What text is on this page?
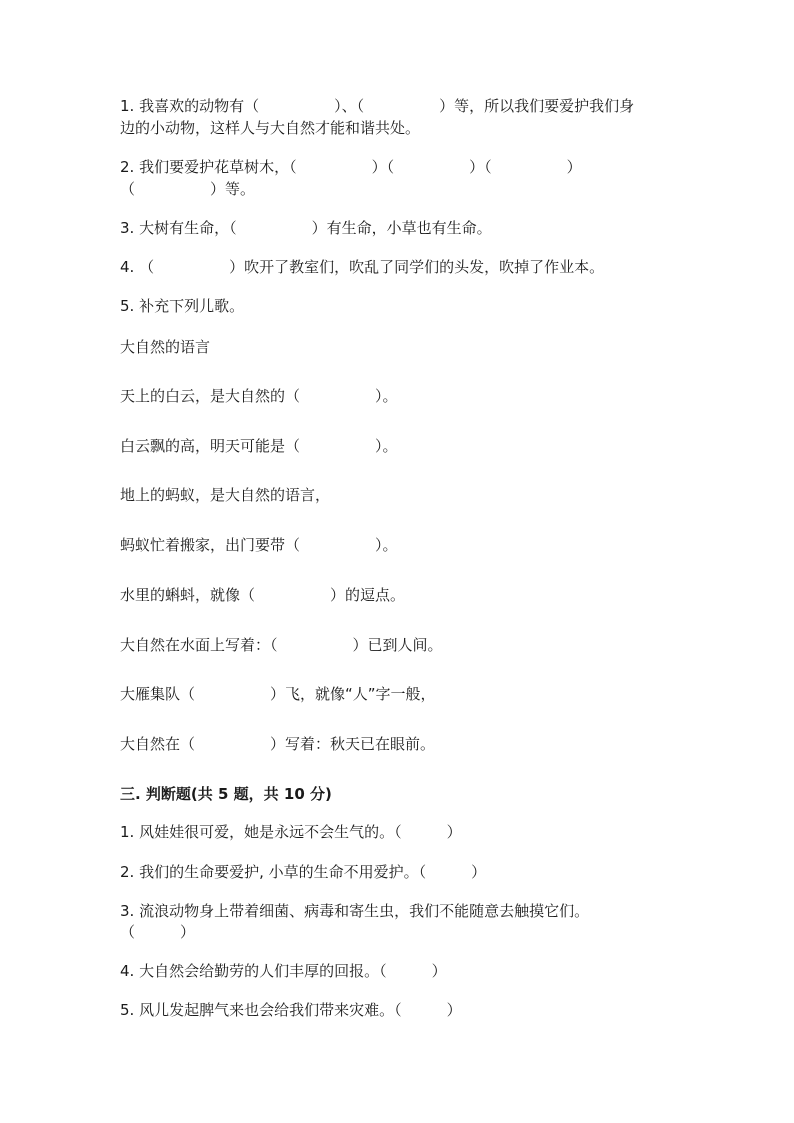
1. 我喜欢的动物有（　　　　　）、（　　　　　）等，所以我们要爱护我们身

边的小动物，这样人与大自然才能和谐共处。

2. 我们要爱护花草树木，（　　　　　）（　　　　　）（　　　　　）

（　　　　　）等。

3. 大树有生命，（　　　　　）有生命，小草也有生命。

4. （　　　　　）吹开了教室们，吹乱了同学们的头发，吹掉了作业本。

5. 补充下列儿歌。

大自然的语言

天上的白云，是大自然的（　　　　　）。

白云飘的高，明天可能是（　　　　　）。

地上的蚂蚁，是大自然的语言，

蚂蚁忙着搬家，出门要带（　　　　　）。

水里的蝌蚪，就像（　　　　　）的逗点。

大自然在水面上写着：（　　　　　）已到人间。

大雁集队（　　　　　）飞，就像“人”字一般，

大自然在（　　　　　）写着：秋天已在眼前。

三. 判断题(共 5 题，共 10 分)

1. 风娃娃很可爱，她是永远不会生气的。（　　　）

2. 我们的生命要爱护, 小草的生命不用爱护。（　　　）

3. 流浪动物身上带着细菌、病毒和寄生虫，我们不能随意去触摸它们。

（　　　）

4. 大自然会给勤劳的人们丰厚的回报。（　　　）

5. 风儿发起脾气来也会给我们带来灾难。（　　　）
